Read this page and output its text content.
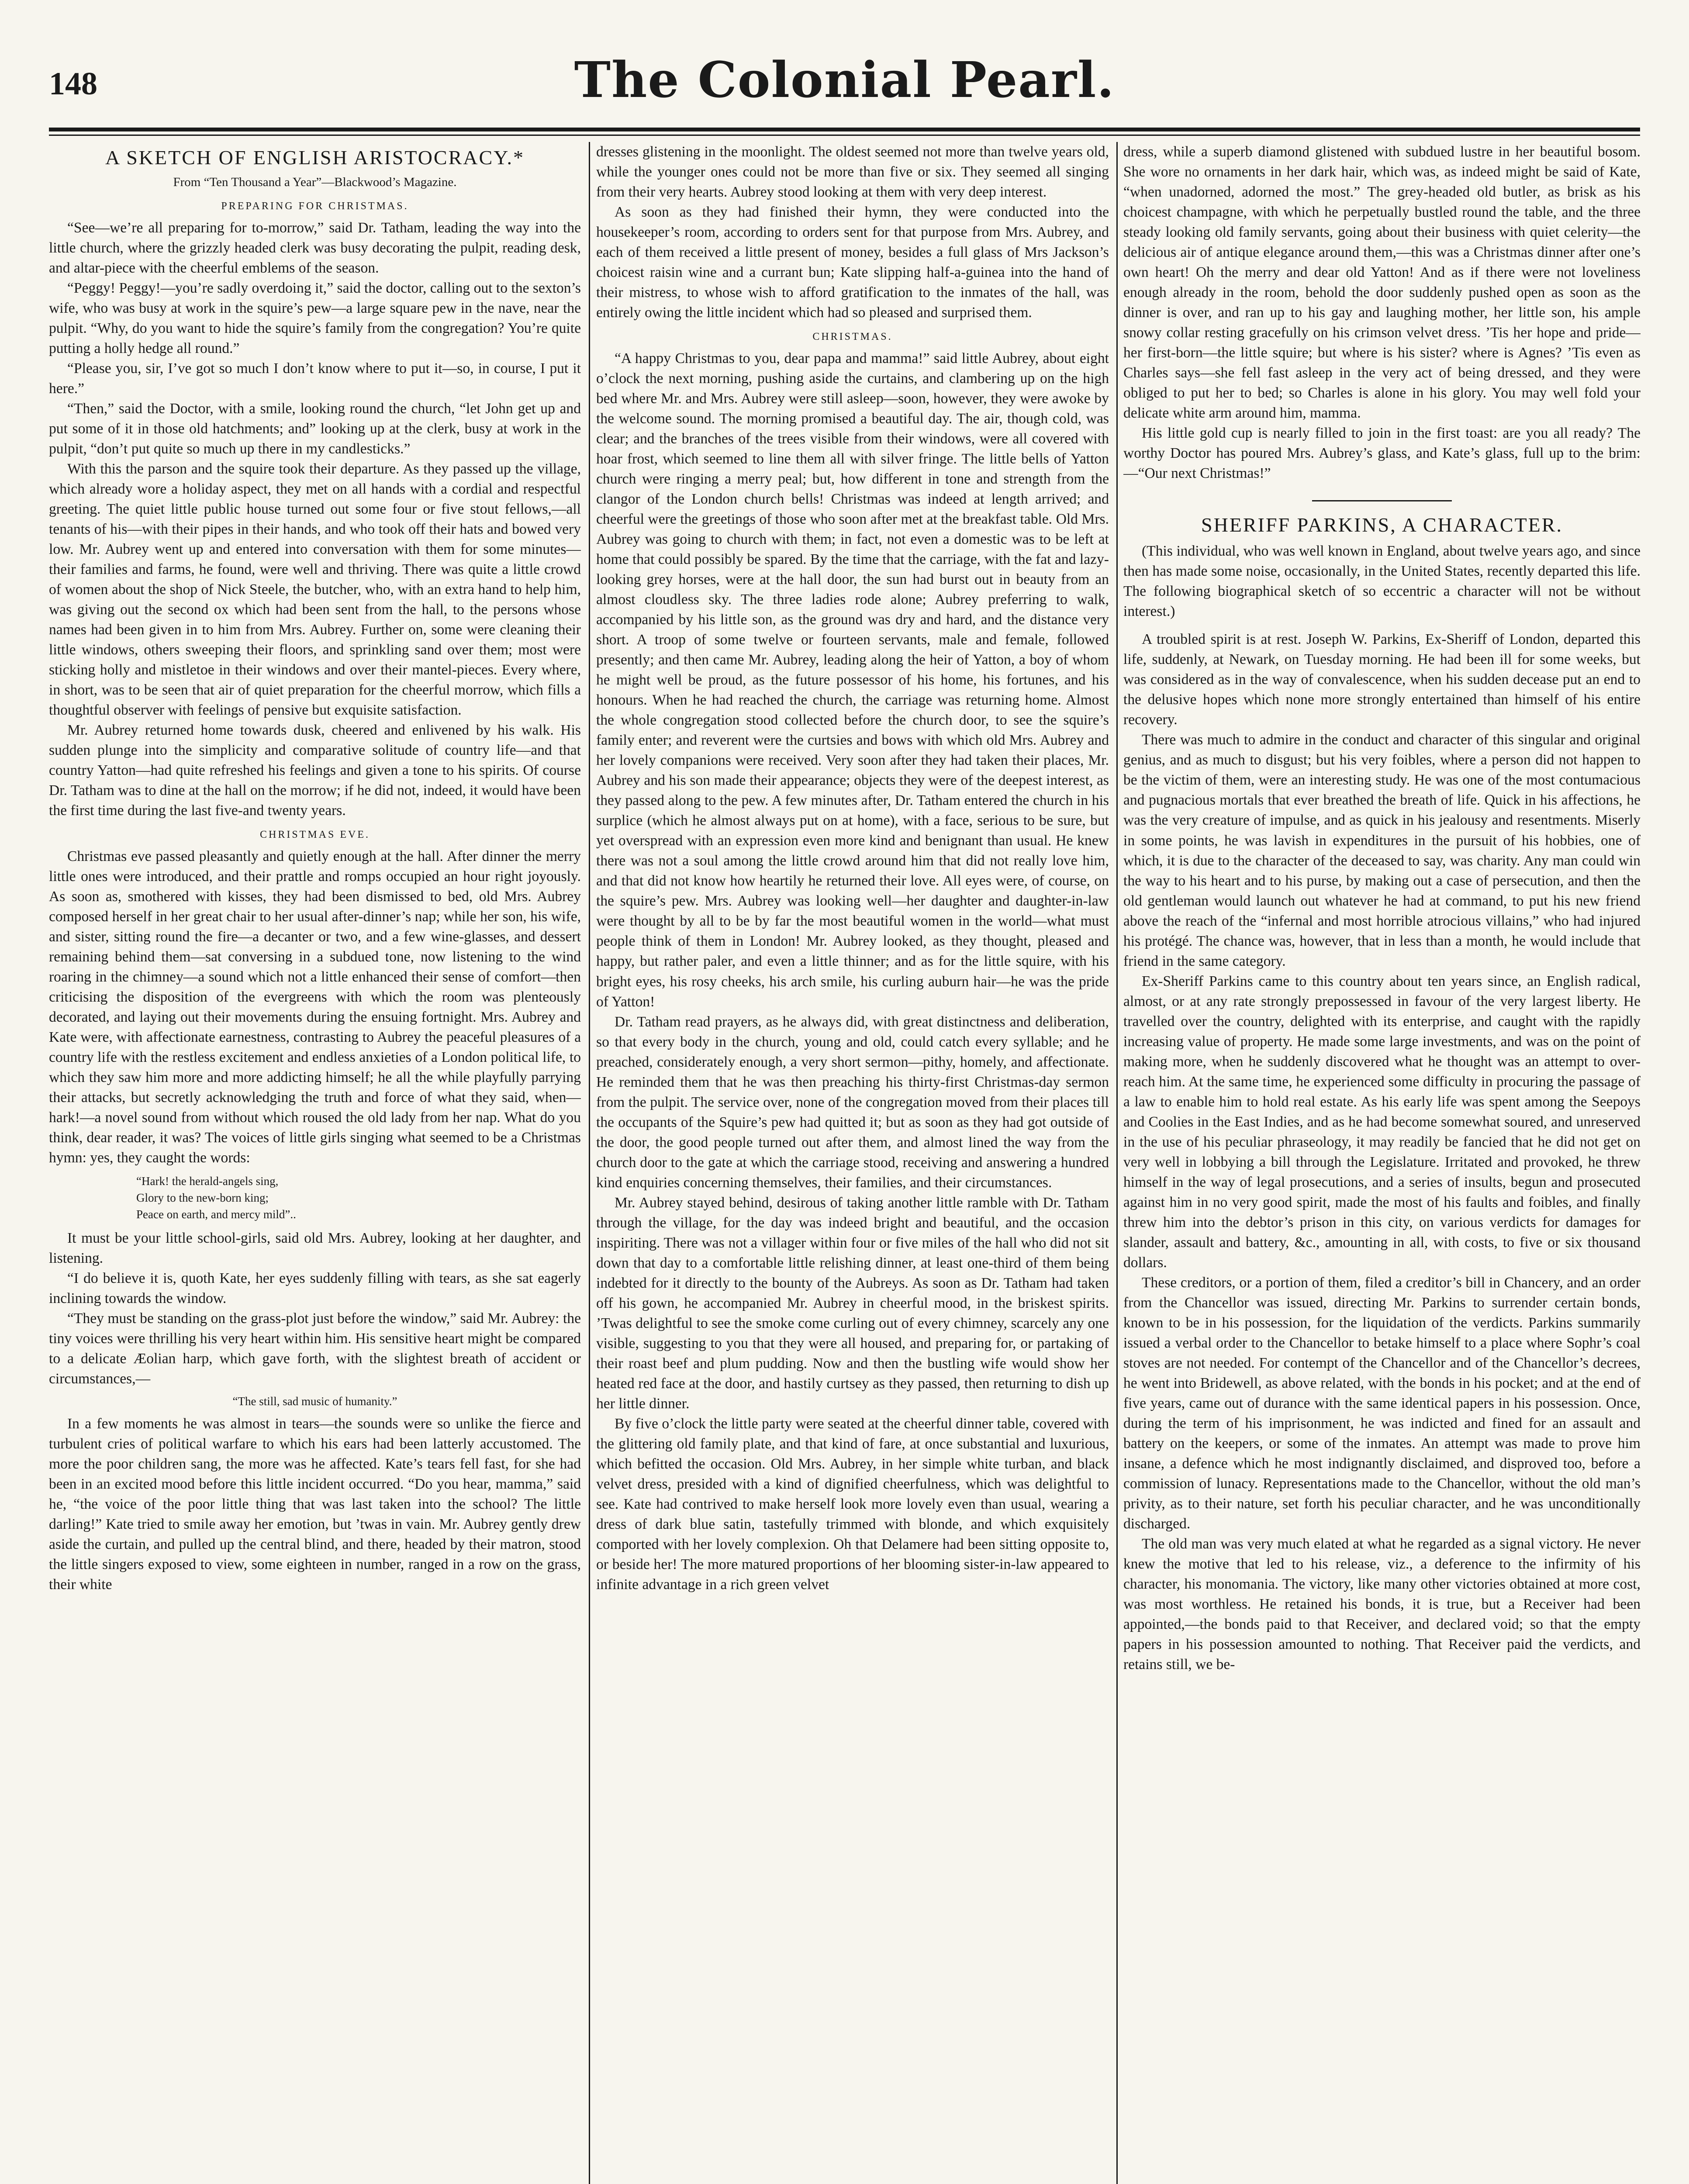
148	The Colonial Pearl.
A SKETCH OF ENGLISH ARISTOCRACY.*
From “Ten Thousand a Year”—Blackwood’s Magazine.
PREPARING FOR CHRISTMAS.

“See—we’re all preparing for to-morrow,” said Dr. Tatham, leading the way into the little church, where the grizzly headed clerk was busy decorating the pulpit, reading desk, and altar-piece with the cheerful emblems of the season.

“Peggy! Peggy!—you’re sadly overdoing it,” said the doctor, calling out to the sexton’s wife, who was busy at work in the squire’s pew—a large square pew in the nave, near the pulpit. “Why, do you want to hide the squire’s family from the congregation? You’re quite putting a holly hedge all round.”

“Please you, sir, I’ve got so much I don’t know where to put it—so, in course, I put it here.”

“Then,” said the Doctor, with a smile, looking round the church, “let John get up and put some of it in those old hatchments; and” looking up at the clerk, busy at work in the pulpit, “don’t put quite so much up there in my candlesticks.”

With this the parson and the squire took their departure. As they passed up the village, which already wore a holiday aspect, they met on all hands with a cordial and respectful greeting. The quiet little public house turned out some four or five stout fellows,—all tenants of his—with their pipes in their hands, and who took off their hats and bowed very low. Mr. Aubrey went up and entered into conversation with them for some minutes—their families and farms, he found, were well and thriving. There was quite a little crowd of women about the shop of Nick Steele, the butcher, who, with an extra hand to help him, was giving out the second ox which had been sent from the hall, to the persons whose names had been given in to him from Mrs. Aubrey. Further on, some were cleaning their little windows, others sweeping their floors, and sprinkling sand over them; most were sticking holly and mistletoe in their windows and over their mantel-pieces. Every where, in short, was to be seen that air of quiet preparation for the cheerful morrow, which fills a thoughtful observer with feelings of pensive but exquisite satisfaction.

Mr. Aubrey returned home towards dusk, cheered and enlivened by his walk. His sudden plunge into the simplicity and comparative solitude of country life—and that country Yatton—had quite refreshed his feelings and given a tone to his spirits. Of course Dr. Tatham was to dine at the hall on the morrow; if he did not, indeed, it would have been the first time during the last five-and twenty years.

CHRISTMAS EVE.

Christmas eve passed pleasantly and quietly enough at the hall. After dinner the merry little ones were introduced, and their prattle and romps occupied an hour right joyously. As soon as, smothered with kisses, they had been dismissed to bed, old Mrs. Aubrey composed herself in her great chair to her usual after-dinner’s nap; while her son, his wife, and sister, sitting round the fire—a decanter or two, and a few wine-glasses, and dessert remaining behind them—sat conversing in a subdued tone, now listening to the wind roaring in the chimney—a sound which not a little enhanced their sense of comfort—then criticising the disposition of the evergreens with which the room was plenteously decorated, and laying out their movements during the ensuing fortnight. Mrs. Aubrey and Kate were, with affectionate earnestness, contrasting to Aubrey the peaceful pleasures of a country life with the restless excitement and endless anxieties of a London political life, to which they saw him more and more addicting himself; he all the while playfully parrying their attacks, but secretly acknowledging the truth and force of what they said, when—hark!—a novel sound from without which roused the old lady from her nap. What do you think, dear reader, it was? The voices of little girls singing what seemed to be a Christmas hymn: yes, they caught the words:

“Hark! the herald-angels sing,
Glory to the new-born king;
Peace on earth, and mercy mild”..

It must be your little school-girls, said old Mrs. Aubrey, looking at her daughter, and listening.

“I do believe it is, quoth Kate, her eyes suddenly filling with tears, as she sat eagerly inclining towards the window.

“They must be standing on the grass-plot just before the window,” said Mr. Aubrey: the tiny voices were thrilling his very heart within him. His sensitive heart might be compared to a delicate Æolian harp, which gave forth, with the slightest breath of accident or circumstances,—

“The still, sad music of humanity.”

In a few moments he was almost in tears—the sounds were so unlike the fierce and turbulent cries of political warfare to which his ears had been latterly accustomed. The more the poor children sang, the more was he affected. Kate’s tears fell fast, for she had been in an excited mood before this little incident occurred. “Do you hear, mamma,” said he, “the voice of the poor little thing that was last taken into the school? The little darling!” Kate tried to smile away her emotion, but ’twas in vain. Mr. Aubrey gently drew aside the curtain, and pulled up the central blind, and there, headed by their matron, stood the little singers exposed to view, some eighteen in number, ranged in a row on the grass, their white

dresses glistening in the moonlight. The oldest seemed not more than twelve years old, while the younger ones could not be more than five or six. They seemed all singing from their very hearts. Aubrey stood looking at them with very deep interest.

As soon as they had finished their hymn, they were conducted into the housekeeper’s room, according to orders sent for that purpose from Mrs. Aubrey, and each of them received a little present of money, besides a full glass of Mrs Jackson’s choicest raisin wine and a currant bun; Kate slipping half-a-guinea into the hand of their mistress, to whose wish to afford gratification to the inmates of the hall, was entirely owing the little incident which had so pleased and surprised them.

CHRISTMAS.

“A happy Christmas to you, dear papa and mamma!” said little Aubrey, about eight o’clock the next morning, pushing aside the curtains, and clambering up on the high bed where Mr. and Mrs. Aubrey were still asleep—soon, however, they were awoke by the welcome sound. The morning promised a beautiful day. The air, though cold, was clear; and the branches of the trees visible from their windows, were all covered with hoar frost, which seemed to line them all with silver fringe. The little bells of Yatton church were ringing a merry peal; but, how different in tone and strength from the clangor of the London church bells! Christmas was indeed at length arrived; and cheerful were the greetings of those who soon after met at the breakfast table. Old Mrs. Aubrey was going to church with them; in fact, not even a domestic was to be left at home that could possibly be spared. By the time that the carriage, with the fat and lazy-looking grey horses, were at the hall door, the sun had burst out in beauty from an almost cloudless sky. The three ladies rode alone; Aubrey preferring to walk, accompanied by his little son, as the ground was dry and hard, and the distance very short. A troop of some twelve or fourteen servants, male and female, followed presently; and then came Mr. Aubrey, leading along the heir of Yatton, a boy of whom he might well be proud, as the future possessor of his home, his fortunes, and his honours. When he had reached the church, the carriage was returning home. Almost the whole congregation stood collected before the church door, to see the squire’s family enter; and reverent were the curtsies and bows with which old Mrs. Aubrey and her lovely companions were received. Very soon after they had taken their places, Mr. Aubrey and his son made their appearance; objects they were of the deepest interest, as they passed along to the pew. A few minutes after, Dr. Tatham entered the church in his surplice (which he almost always put on at home), with a face, serious to be sure, but yet overspread with an expression even more kind and benignant than usual. He knew there was not a soul among the little crowd around him that did not really love him, and that did not know how heartily he returned their love. All eyes were, of course, on the squire’s pew. Mrs. Aubrey was looking well—her daughter and daughter-in-law were thought by all to be by far the most beautiful women in the world—what must people think of them in London! Mr. Aubrey looked, as they thought, pleased and happy, but rather paler, and even a little thinner; and as for the little squire, with his bright eyes, his rosy cheeks, his arch smile, his curling auburn hair—he was the pride of Yatton!

Dr. Tatham read prayers, as he always did, with great distinctness and deliberation, so that every body in the church, young and old, could catch every syllable; and he preached, considerately enough, a very short sermon—pithy, homely, and affectionate. He reminded them that he was then preaching his thirty-first Christmas-day sermon from the pulpit. The service over, none of the congregation moved from their places till the occupants of the Squire’s pew had quitted it; but as soon as they had got outside of the door, the good people turned out after them, and almost lined the way from the church door to the gate at which the carriage stood, receiving and answering a hundred kind enquiries concerning themselves, their families, and their circumstances.

Mr. Aubrey stayed behind, desirous of taking another little ramble with Dr. Tatham through the village, for the day was indeed bright and beautiful, and the occasion inspiriting. There was not a villager within four or five miles of the hall who did not sit down that day to a comfortable little relishing dinner, at least one-third of them being indebted for it directly to the bounty of the Aubreys. As soon as Dr. Tatham had taken off his gown, he accompanied Mr. Aubrey in cheerful mood, in the briskest spirits. ’Twas delightful to see the smoke come curling out of every chimney, scarcely any one visible, suggesting to you that they were all housed, and preparing for, or partaking of their roast beef and plum pudding. Now and then the bustling wife would show her heated red face at the door, and hastily curtsey as they passed, then returning to dish up her little dinner.

By five o’clock the little party were seated at the cheerful dinner table, covered with the glittering old family plate, and that kind of fare, at once substantial and luxurious, which befitted the occasion. Old Mrs. Aubrey, in her simple white turban, and black velvet dress, presided with a kind of dignified cheerfulness, which was delightful to see. Kate had contrived to make herself look more lovely even than usual, wearing a dress of dark blue satin, tastefully trimmed with blonde, and which exquisitely comported with her lovely complexion. Oh that Delamere had been sitting opposite to, or beside her! The more matured proportions of her blooming sister-in-law appeared to infinite advantage in a rich green velvet

dress, while a superb diamond glistened with subdued lustre in her beautiful bosom. She wore no ornaments in her dark hair, which was, as indeed might be said of Kate, “when unadorned, adorned the most.” The grey-headed old butler, as brisk as his choicest champagne, with which he perpetually bustled round the table, and the three steady looking old family servants, going about their business with quiet celerity—the delicious air of antique elegance around them,—this was a Christmas dinner after one’s own heart! Oh the merry and dear old Yatton! And as if there were not loveliness enough already in the room, behold the door suddenly pushed open as soon as the dinner is over, and ran up to his gay and laughing mother, her little son, his ample snowy collar resting gracefully on his crimson velvet dress. ’Tis her hope and pride—her first-born—the little squire; but where is his sister? where is Agnes? ’Tis even as Charles says—she fell fast asleep in the very act of being dressed, and they were obliged to put her to bed; so Charles is alone in his glory. You may well fold your delicate white arm around him, mamma.

His little gold cup is nearly filled to join in the first toast: are you all ready? The worthy Doctor has poured Mrs. Aubrey’s glass, and Kate’s glass, full up to the brim:—“Our next Christmas!”

SHERIFF PARKINS, A CHARACTER.

(This individual, who was well known in England, about twelve years ago, and since then has made some noise, occasionally, in the United States, recently departed this life. The following biographical sketch of so eccentric a character will not be without interest.)

A troubled spirit is at rest. Joseph W. Parkins, Ex-Sheriff of London, departed this life, suddenly, at Newark, on Tuesday morning. He had been ill for some weeks, but was considered as in the way of convalescence, when his sudden decease put an end to the delusive hopes which none more strongly entertained than himself of his entire recovery.

There was much to admire in the conduct and character of this singular and original genius, and as much to disgust; but his very foibles, where a person did not happen to be the victim of them, were an interesting study. He was one of the most contumacious and pugnacious mortals that ever breathed the breath of life. Quick in his affections, he was the very creature of impulse, and as quick in his jealousy and resentments. Miserly in some points, he was lavish in expenditures in the pursuit of his hobbies, one of which, it is due to the character of the deceased to say, was charity. Any man could win the way to his heart and to his purse, by making out a case of persecution, and then the old gentleman would launch out whatever he had at command, to put his new friend above the reach of the “infernal and most horrible atrocious villains,” who had injured his protégé. The chance was, however, that in less than a month, he would include that friend in the same category.

Ex-Sheriff Parkins came to this country about ten years since, an English radical, almost, or at any rate strongly prepossessed in favour of the very largest liberty. He travelled over the country, delighted with its enterprise, and caught with the rapidly increasing value of property. He made some large investments, and was on the point of making more, when he suddenly discovered what he thought was an attempt to over-reach him. At the same time, he experienced some difficulty in procuring the passage of a law to enable him to hold real estate. As his early life was spent among the Seepoys and Coolies in the East Indies, and as he had become somewhat soured, and unreserved in the use of his peculiar phraseology, it may readily be fancied that he did not get on very well in lobbying a bill through the Legislature. Irritated and provoked, he threw himself in the way of legal prosecutions, and a series of insults, begun and prosecuted against him in no very good spirit, made the most of his faults and foibles, and finally threw him into the debtor’s prison in this city, on various verdicts for damages for slander, assault and battery, &c., amounting in all, with costs, to five or six thousand dollars.

These creditors, or a portion of them, filed a creditor’s bill in Chancery, and an order from the Chancellor was issued, directing Mr. Parkins to surrender certain bonds, known to be in his possession, for the liquidation of the verdicts. Parkins summarily issued a verbal order to the Chancellor to betake himself to a place where Sophr’s coal stoves are not needed. For contempt of the Chancellor and of the Chancellor’s decrees, he went into Bridewell, as above related, with the bonds in his pocket; and at the end of five years, came out of durance with the same identical papers in his possession. Once, during the term of his imprisonment, he was indicted and fined for an assault and battery on the keepers, or some of the inmates. An attempt was made to prove him insane, a defence which he most indignantly disclaimed, and disproved too, before a commission of lunacy. Representations made to the Chancellor, without the old man’s privity, as to their nature, set forth his peculiar character, and he was unconditionally discharged.

The old man was very much elated at what he regarded as a signal victory. He never knew the motive that led to his release, viz., a deference to the infirmity of his character, his monomania. The victory, like many other victories obtained at more cost, was most worthless. He retained his bonds, it is true, but a Receiver had been appointed,—the bonds paid to that Receiver, and declared void; so that the empty papers in his possession amounted to nothing. That Receiver paid the verdicts, and retains still, we be-
